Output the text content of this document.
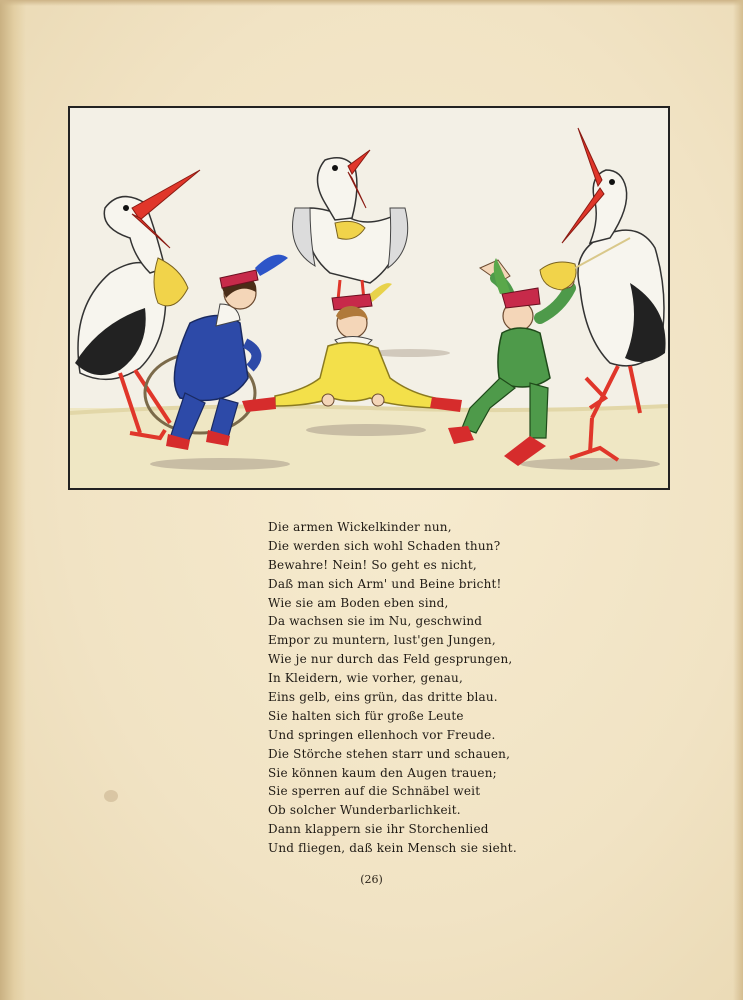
Die armen Wickelkinder nun,
Die werden sich wohl Schaden thun?
Bewahre! Nein! So geht es nicht,
Daß man sich Arm' und Beine bricht!
Wie sie am Boden eben sind,
Da wachsen sie im Nu, geschwind
Empor zu muntern, lust'gen Jungen,
Wie je nur durch das Feld gesprungen,
In Kleidern, wie vorher, genau,
Eins gelb, eins grün, das dritte blau.
Sie halten sich für große Leute
Und springen ellenhoch vor Freude.
Die Störche stehen starr und schauen,
Sie können kaum den Augen trauen;
Sie sperren auf die Schnäbel weit
Ob solcher Wunderbarlichkeit.
Dann klappern sie ihr Storchenlied
Und fliegen, daß kein Mensch sie sieht.
(26)
